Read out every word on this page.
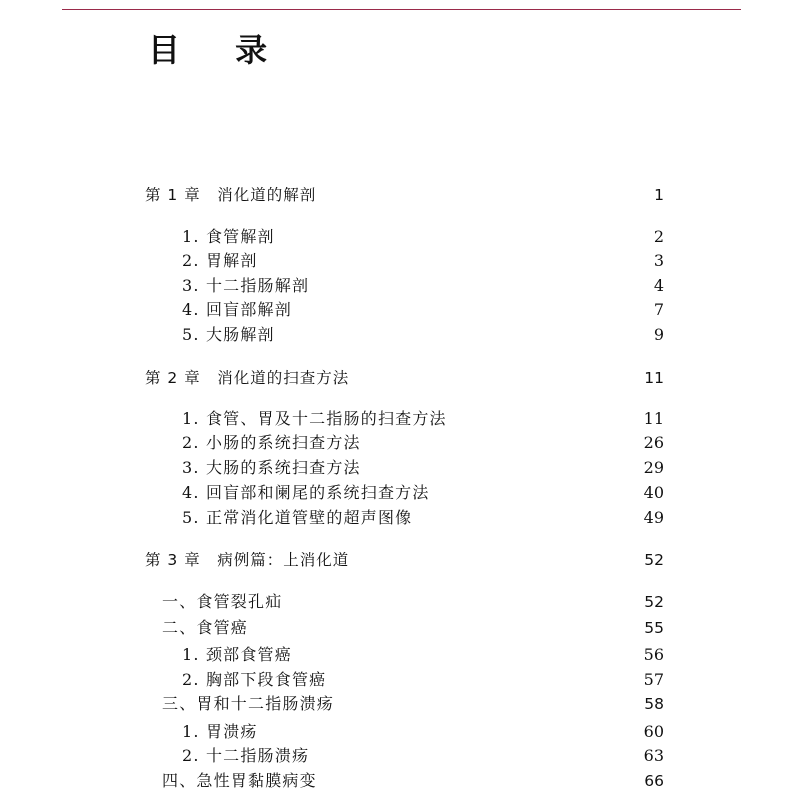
目 录
第 1 章　消化道的解剖	1
1. 食管解剖	2
2. 胃解剖	3
3. 十二指肠解剖	4
4. 回盲部解剖	7
5. 大肠解剖	9
第 2 章　消化道的扫查方法	11
1. 食管、胃及十二指肠的扫查方法	11
2. 小肠的系统扫查方法	26
3. 大肠的系统扫查方法	29
4. 回盲部和阑尾的系统扫查方法	40
5. 正常消化道管壁的超声图像	49
第 3 章　病例篇：上消化道	52
一、食管裂孔疝	52
二、食管癌	55
1. 颈部食管癌	56
2. 胸部下段食管癌	57
三、胃和十二指肠溃疡	58
1. 胃溃疡	60
2. 十二指肠溃疡	63
四、急性胃黏膜病变	66
